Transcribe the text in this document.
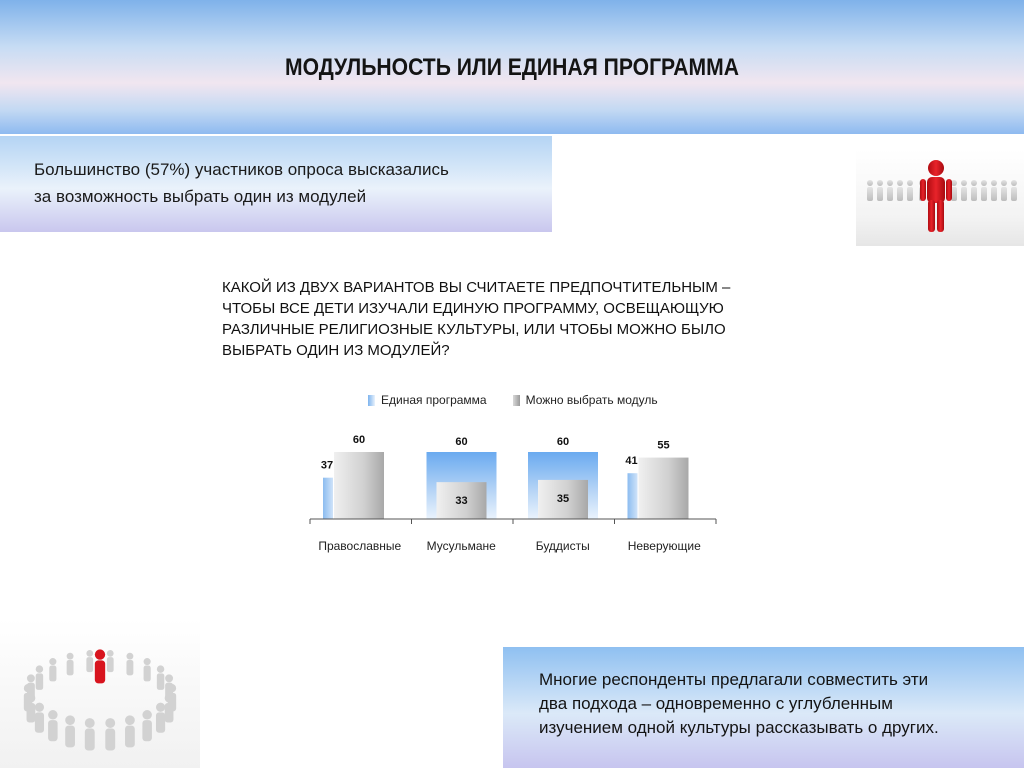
МОДУЛЬНОСТЬ ИЛИ ЕДИНАЯ ПРОГРАММА

Большинство (57%) участников опроса высказались
за возможность выбрать один из модулей

КАКОЙ ИЗ ДВУХ ВАРИАНТОВ ВЫ СЧИТАЕТЕ ПРЕДПОЧТИТЕЛЬНЫМ –
ЧТОБЫ ВСЕ ДЕТИ ИЗУЧАЛИ ЕДИНУЮ ПРОГРАММУ, ОСВЕЩАЮЩУЮ
РАЗЛИЧНЫЕ РЕЛИГИОЗНЫЕ КУЛЬТУРЫ, ИЛИ ЧТОБЫ МОЖНО БЫЛО
ВЫБРАТЬ ОДИН ИЗ МОДУЛЕЙ?
Единая программа	Можно выбрать модуль
37
60
Православные
60
33
Мусульмане
60
35
Буддисты
41
55
Неверующие

Многие респонденты предлагали совместить эти
два подхода – одновременно с углубленным
изучением одной культуры рассказывать о других.
